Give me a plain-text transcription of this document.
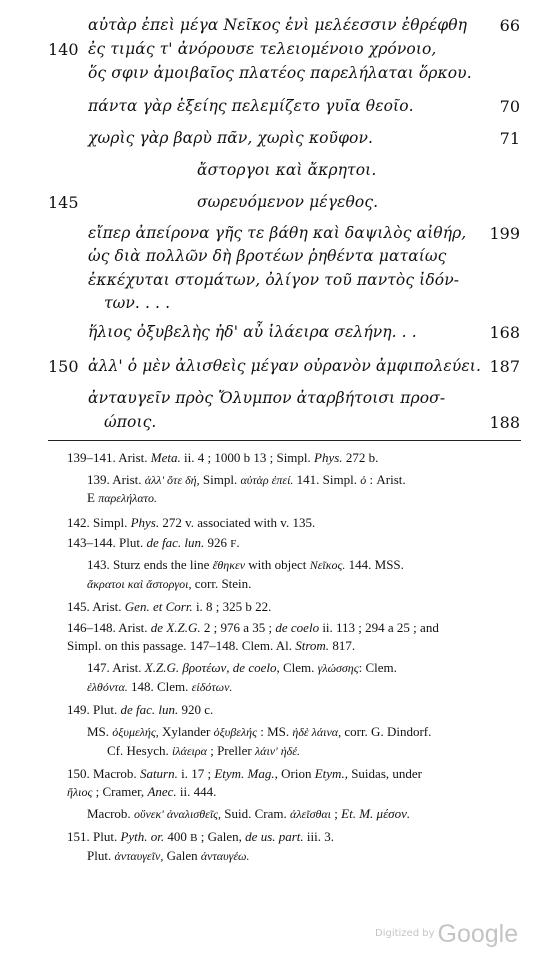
αὐτὰρ ἐπεὶ μέγα Νεῖκος ἐνὶ μελέεσσιν ἐθρέφθη 66
140 ἐς τιμάς τ' ἀνόρουσε τελειομένοιο χρόνοιο,
ὅς σφιν ἀμοιβαῖος πλατέος παρελήλαται ὅρκου.
πάντα γὰρ ἑξείης πελεμίζετο γυῖα θεοῖο.	70
χωρὶς γὰρ βαρὺ πᾶν, χωρὶς κοῦφον.	71
ἄστοργοι καὶ ἄκρητοι.
145	σωρευόμενον μέγεθος.
εἴπερ ἀπείρονα γῆς τε βάθη καὶ δαψιλὸς αἰθήρ, 199
ὡς διὰ πολλῶν δὴ βροτέων ῥηθέντα ματαίως
ἐκκέχυται στομάτων, ὀλίγον τοῦ παντὸς ἰδόν-
των. . . .
ἥλιος ὀξυβελὴς ἠδ' αὖ ἱλάειρα σελήνη. . .	168
150 ἀλλ' ὁ μὲν ἀλισθεὶς μέγαν οὐρανὸν ἀμφιπολεύει. 187
ἀνταυγεῖν πρὸς Ὄλυμπον ἀταρβήτοισι προσ-
ώποις.	188
139–141. Arist. Meta. ii. 4 ; 1000 b 13 ; Simpl. Phys. 272 b.
139. Arist. ἀλλ' ὅτε δή, Simpl. αὐτὰρ ἐπεί. 141. Simpl. ὁ : Arist.
E παρελήλατο.
142. Simpl. Phys. 272 v. associated with v. 135.
143–144. Plut. de fac. lun. 926 F.
143. Sturz ends the line ἔθηκεν with object Νεῖκος. 144. MSS.
ἄκρατοι καὶ ἄστοργοι, corr. Stein.
145. Arist. Gen. et Corr. i. 8 ; 325 b 22.
146–148. Arist. de X.Z.G. 2 ; 976 a 35 ; de coelo ii. 113 ; 294 a 25 ; and
Simpl. on this passage. 147–148. Clem. Al. Strom. 817.
147. Arist. X.Z.G. βροτέων, de coelo, Clem. γλώσσης: Clem.
ἐλθόντα. 148. Clem. εἰδότων.
149. Plut. de fac. lun. 920 c.
MS. ὀξυμελής, Xylander ὀξυβελής : MS. ἠδὲ λάινα, corr. G. Dindorf.
Cf. Hesych. ἱλάειρα ; Preller λάιν' ἠδέ.
150. Macrob. Saturn. i. 17 ; Etym. Mag., Orion Etym., Suidas, under
ἥλιος ; Cramer, Anec. ii. 444.
Macrob. οὕνεκ' ἀναλισθεῖς, Suid. Cram. ἀλεῖσθαι ; Et. M. μέσον.
151. Plut. Pyth. or. 400 B ; Galen, de us. part. iii. 3.
Plut. ἀνταυγεῖν, Galen ἀνταυγέω.
$^{Digitized by}$ Google
